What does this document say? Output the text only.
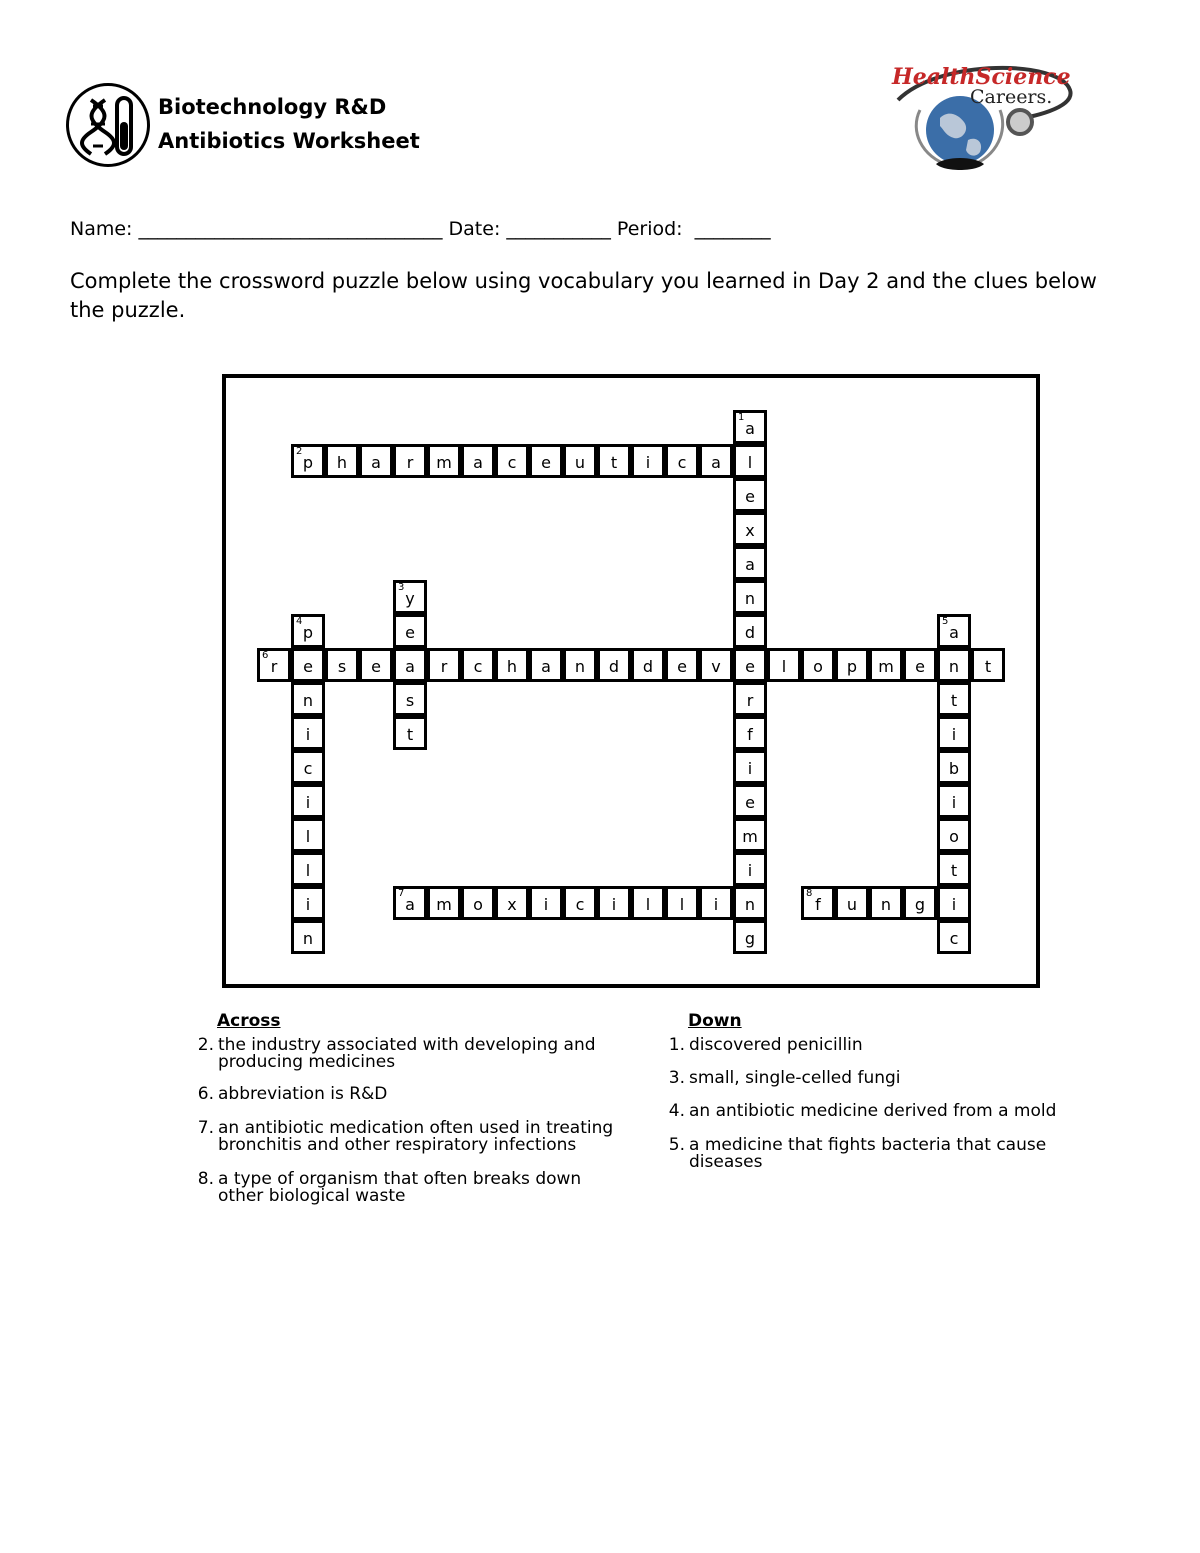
Biotechnology R&D
Antibiotics Worksheet
HealthScience
Careers.
Name: ________________________________ Date: ___________ Period:  ________
Complete the crossword puzzle below using vocabulary you learned in Day 2 and the clues below the puzzle.
1
a
2
p	h	a	r	m	a	c	e	u	t	i	c	a	l
e
x
a
3
y	n
4
p	e	d
5
a
6
r	e	s	e	a	r	c	h	a	n	d	d	e	v	e	l	o	p	m	e	n	t
n	s	r	t
i	t	f	i
c	i	b
i	e	i
l	m	o
l	i	t
i
7
a	m	o	x	i	c	i	l	l	i	n
8
f	u	n	g	i
n	g	c
Across	Down
2. the industry associated with developing and
producing medicines
6. abbreviation is R&D
7. an antibiotic medication often used in treating
bronchitis and other respiratory infections
8. a type of organism that often breaks down
other biological waste
1. discovered penicillin
3. small, single-celled fungi
4. an antibiotic medicine derived from a mold
5. a medicine that fights bacteria that cause
diseases
